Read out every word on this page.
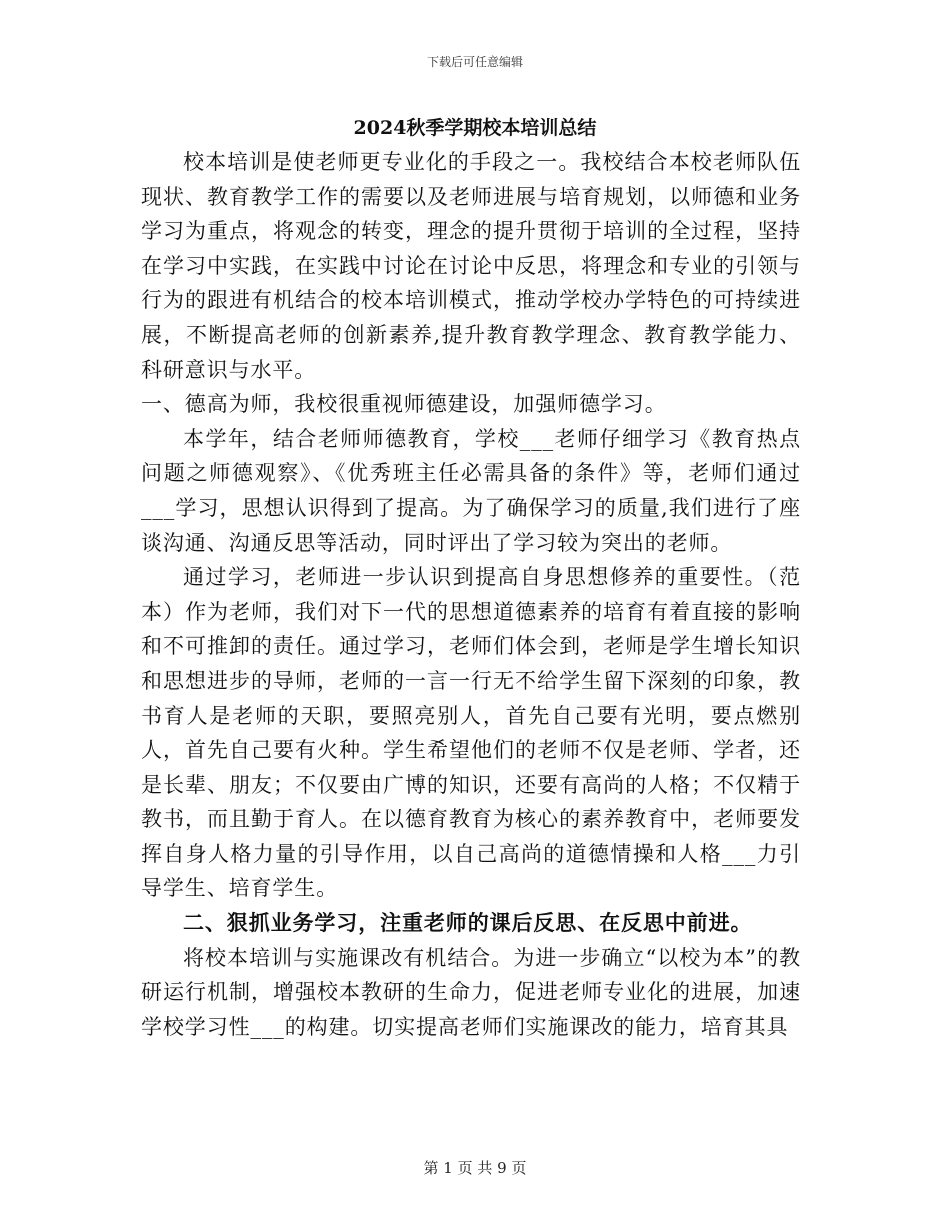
下载后可任意编辑
2024秋季学期校本培训总结

校本培训是使老师更专业化的手段之一。我校结合本校老师队伍现状、教育教学工作的需要以及老师进展与培育规划，以师德和业务学习为重点，将观念的转变，理念的提升贯彻于培训的全过程，坚持在学习中实践，在实践中讨论在讨论中反思，将理念和专业的引领与行为的跟进有机结合的校本培训模式，推动学校办学特色的可持续进展，不断提高老师的创新素养,提升教育教学理念、教育教学能力、科研意识与水平。

一、德高为师，我校很重视师德建设，加强师德学习。

本学年，结合老师师德教育，学校___老师仔细学习《教育热点问题之师德观察》、《优秀班主任必需具备的条件》等，老师们通过___学习，思想认识得到了提高。为了确保学习的质量,我们进行了座谈沟通、沟通反思等活动，同时评出了学习较为突出的老师。

通过学习，老师进一步认识到提高自身思想修养的重要性。（范本）作为老师，我们对下一代的思想道德素养的培育有着直接的影响和不可推卸的责任。通过学习，老师们体会到，老师是学生增长知识和思想进步的导师，老师的一言一行无不给学生留下深刻的印象，教书育人是老师的天职，要照亮别人，首先自己要有光明，要点燃别人，首先自己要有火种。学生希望他们的老师不仅是老师、学者，还是长辈、朋友；不仅要由广博的知识，还要有高尚的人格；不仅精于教书，而且勤于育人。在以德育教育为核心的素养教育中，老师要发挥自身人格力量的引导作用，以自己高尚的道德情操和人格___力引导学生、培育学生。

二、狠抓业务学习，注重老师的课后反思、在反思中前进。

将校本培训与实施课改有机结合。为进一步确立“以校为本”的教研运行机制，增强校本教研的生命力，促进老师专业化的进展，加速学校学习性___的构建。切实提高老师们实施课改的能力，培育其具

第 1 页 共 9 页
